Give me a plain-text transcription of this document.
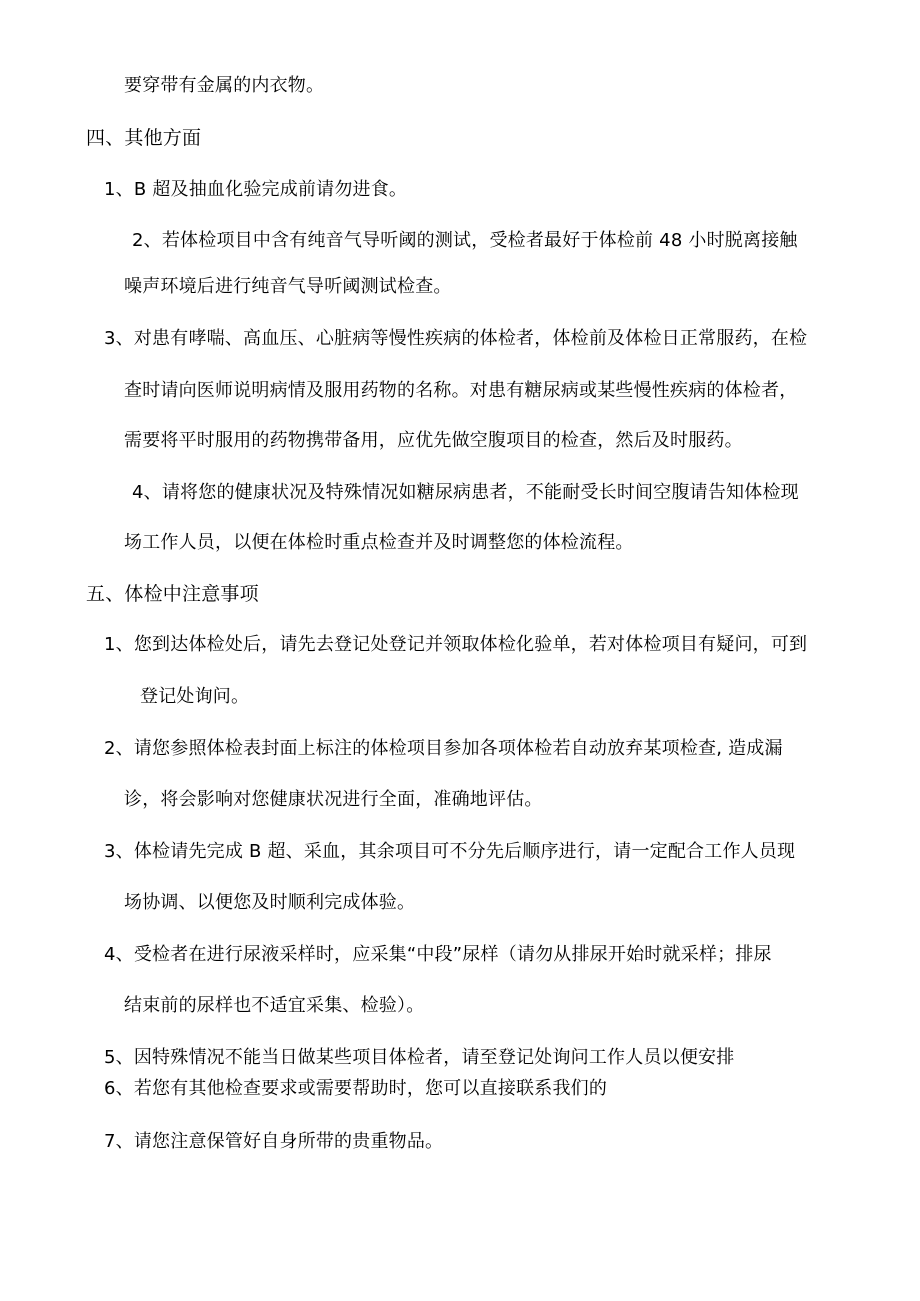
要穿带有金属的内衣物。
四、其他方面
1、B 超及抽血化验完成前请勿进食。
2、若体检项目中含有纯音气导听阈的测试，受检者最好于体检前 48 小时脱离接触
噪声环境后进行纯音气导听阈测试检查。
3、对患有哮喘、高血压、心脏病等慢性疾病的体检者，体检前及体检日正常服药，在检
查时请向医师说明病情及服用药物的名称。对患有糖尿病或某些慢性疾病的体检者，
需要将平时服用的药物携带备用，应优先做空腹项目的检查，然后及时服药。
4、请将您的健康状况及特殊情况如糖尿病患者，不能耐受长时间空腹请告知体检现
场工作人员，以便在体检时重点检查并及时调整您的体检流程。
五、体检中注意事项
1、您到达体检处后，请先去登记处登记并领取体检化验单，若对体检项目有疑问，可到
登记处询问。
2、请您参照体检表封面上标注的体检项目参加各项体检若自动放弃某项检查, 造成漏
诊，将会影响对您健康状况进行全面，准确地评估。
3、体检请先完成 B 超、采血，其余项目可不分先后顺序进行，请一定配合工作人员现
场协调、以便您及时顺利完成体验。
4、受检者在进行尿液采样时，应采集“中段”尿样（请勿从排尿开始时就采样；排尿
结束前的尿样也不适宜采集、检验）。
5、因特殊情况不能当日做某些项目体检者，请至登记处询问工作人员以便安排
6、若您有其他检查要求或需要帮助时，您可以直接联系我们的
7、请您注意保管好自身所带的贵重物品。
